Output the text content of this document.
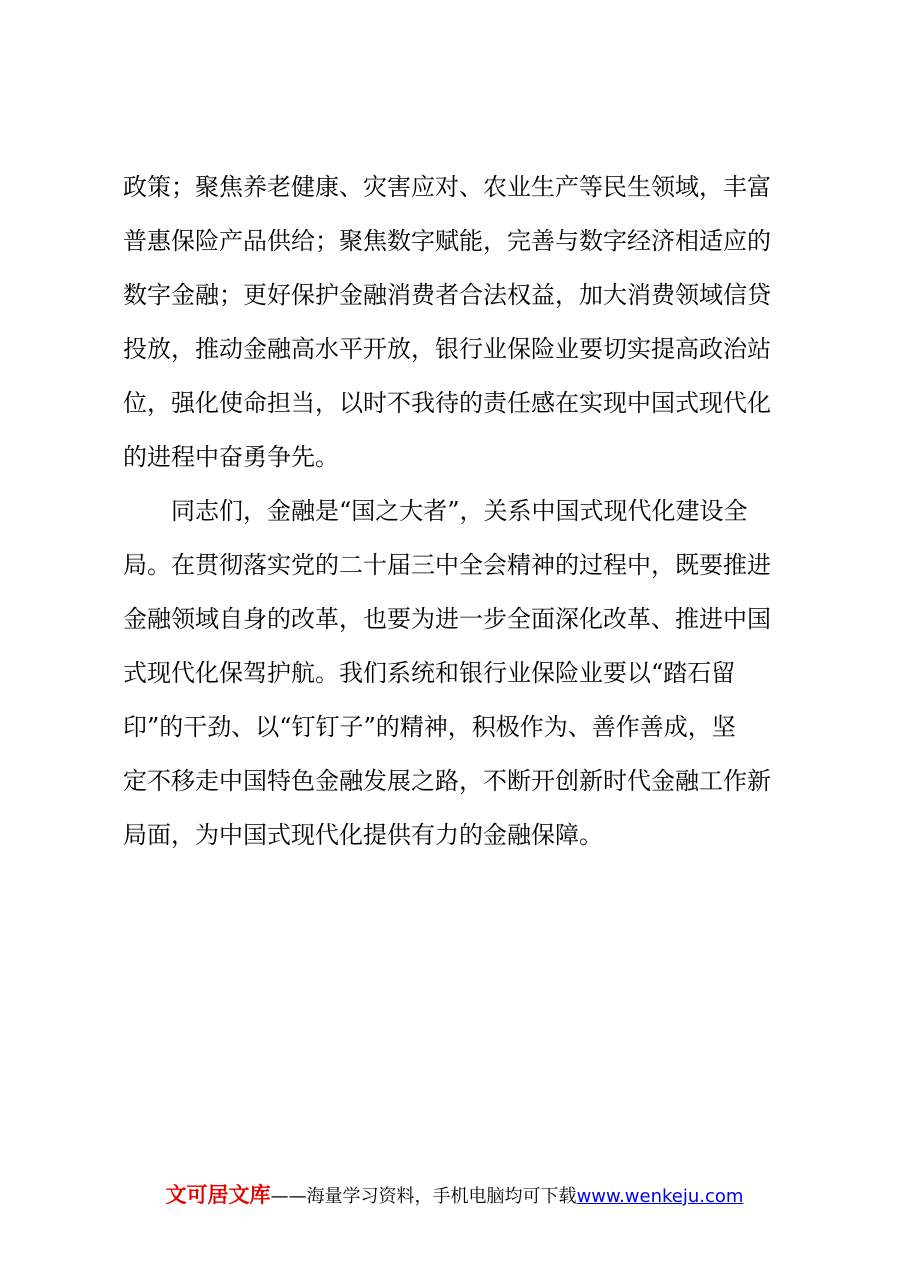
政策；聚焦养老健康、灾害应对、农业生产等民生领域，丰富
普惠保险产品供给；聚焦数字赋能，完善与数字经济相适应的
数字金融；更好保护金融消费者合法权益，加大消费领域信贷
投放，推动金融高水平开放，银行业保险业要切实提高政治站
位，强化使命担当，以时不我待的责任感在实现中国式现代化
的进程中奋勇争先。
同志们，金融是“国之大者”，关系中国式现代化建设全
局。在贯彻落实党的二十届三中全会精神的过程中，既要推进
金融领域自身的改革，也要为进一步全面深化改革、推进中国
式现代化保驾护航。我们系统和银行业保险业要以“踏石留
印”的干劲、以“钉钉子”的精神，积极作为、善作善成，坚
定不移走中国特色金融发展之路，不断开创新时代金融工作新
局面，为中国式现代化提供有力的金融保障。
文可居文库——海量学习资料，手机电脑均可下载www.wenkeju.com
